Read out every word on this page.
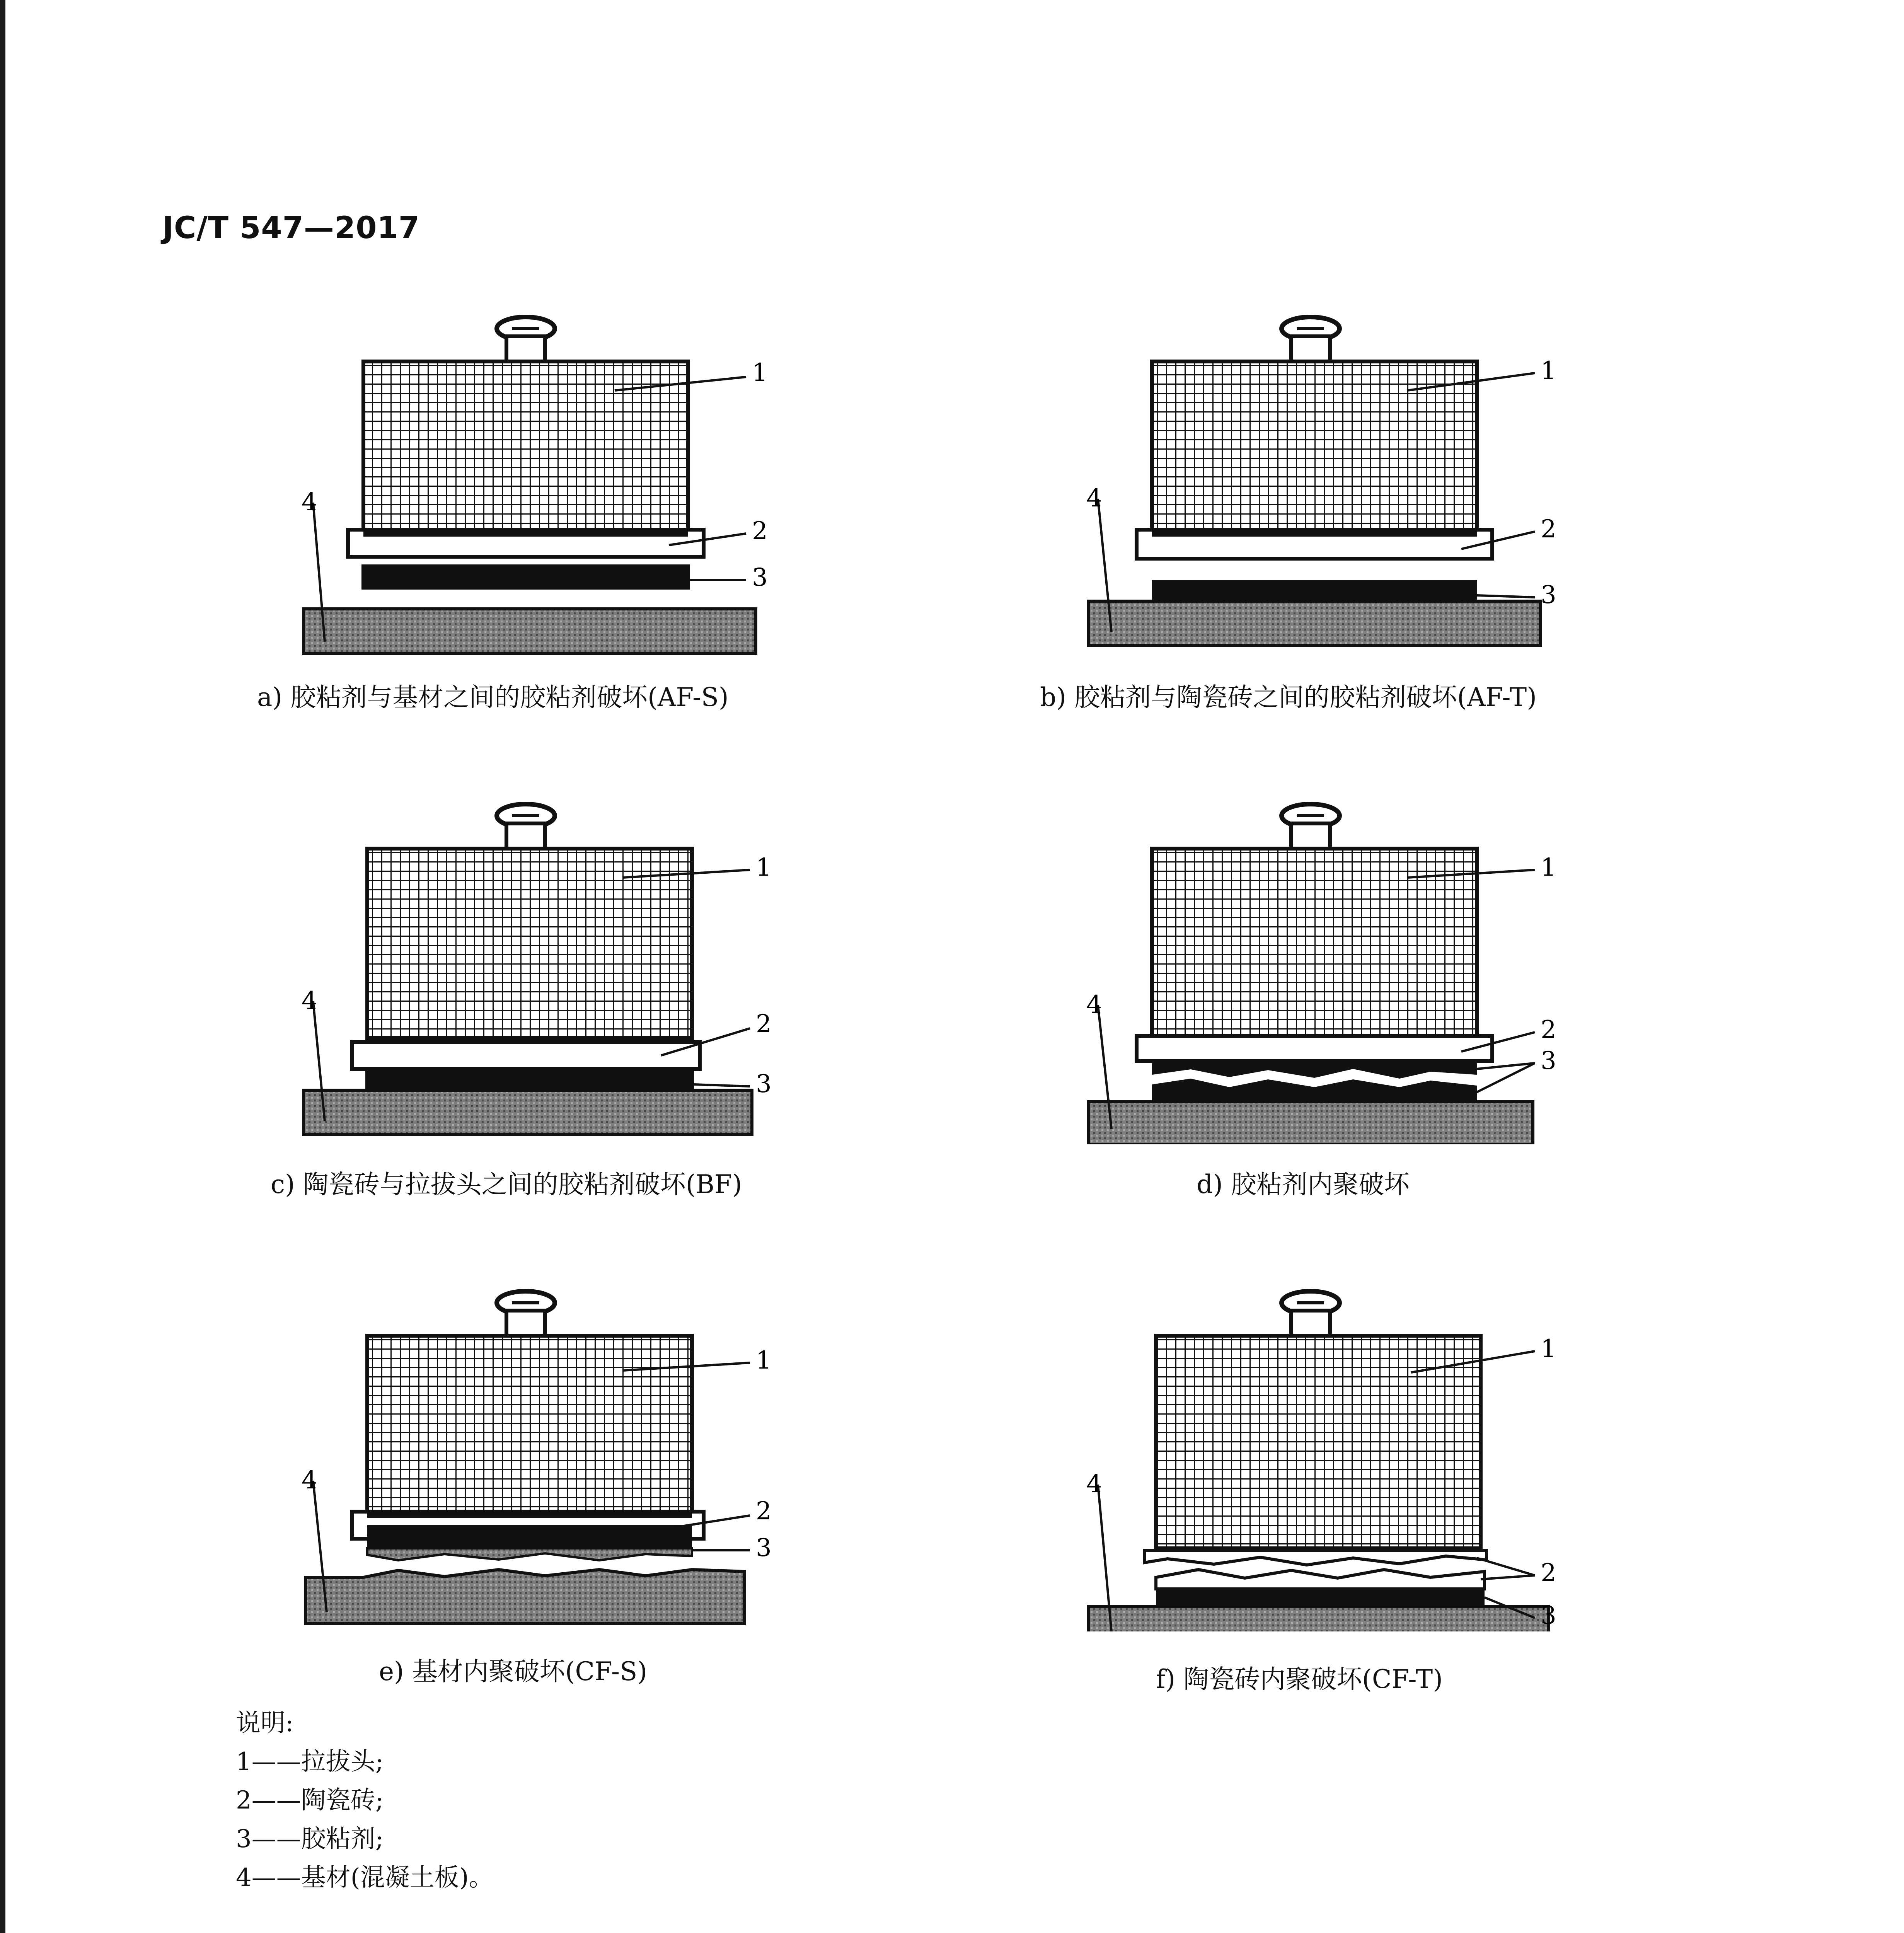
JC/T 547—2017
1
2
3
4
a) 胶粘剂与基材之间的胶粘剂破坏(AF-S)
1
2
3
4
b) 胶粘剂与陶瓷砖之间的胶粘剂破坏(AF-T)
1
2
3
4
c) 陶瓷砖与拉拔头之间的胶粘剂破坏(BF)
1
2
3
4
d) 胶粘剂内聚破坏
1
2
3
4
e) 基材内聚破坏(CF-S)
1
2
3
4
f) 陶瓷砖内聚破坏(CF-T)
说明:
1——拉拔头;
2——陶瓷砖;
3——胶粘剂;
4——基材(混凝土板)。
